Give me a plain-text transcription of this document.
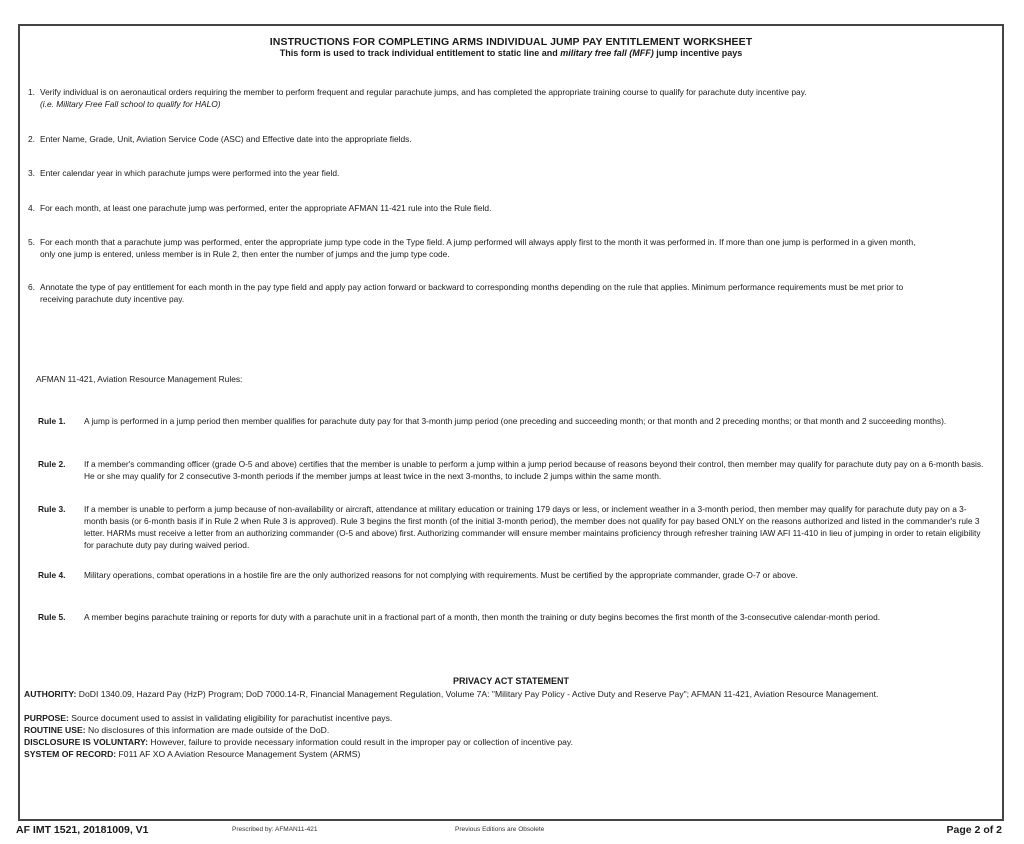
INSTRUCTIONS FOR COMPLETING ARMS INDIVIDUAL JUMP PAY ENTITLEMENT WORKSHEET
This form is used to track individual entitlement to static line and military free fall (MFF) jump incentive pays
1. Verify individual is on aeronautical orders requiring the member to perform frequent and regular parachute jumps, and has completed the appropriate training course to qualify for parachute duty incentive pay.
(i.e. Military Free Fall school to qualify for HALO)
2. Enter Name, Grade, Unit, Aviation Service Code (ASC) and Effective date into the appropriate fields.
3. Enter calendar year in which parachute jumps were performed into the year field.
4. For each month, at least one parachute jump was performed, enter the appropriate AFMAN 11-421 rule into the Rule field.
5. For each month that a parachute jump was performed, enter the appropriate jump type code in the Type field. A jump performed will always apply first to the month it was performed in. If more than one jump is performed in a given month, only one jump is entered, unless member is in Rule 2, then enter the number of jumps and the jump type code.
6. Annotate the type of pay entitlement for each month in the pay type field and apply pay action forward or backward to corresponding months depending on the rule that applies. Minimum performance requirements must be met prior to receiving parachute duty incentive pay.
AFMAN 11-421, Aviation Resource Management Rules:
Rule 1. A jump is performed in a jump period then member qualifies for parachute duty pay for that 3-month jump period (one preceding and succeeding month; or that month and 2 preceding months; or that month and 2 succeeding months).
Rule 2. If a member's commanding officer (grade O-5 and above) certifies that the member is unable to perform a jump within a jump period because of reasons beyond their control, then member may qualify for parachute duty pay on a 6-month basis. He or she may qualify for 2 consecutive 3-month periods if the member jumps at least twice in the next 3-months, to include 2 jumps within the same month.
Rule 3. If a member is unable to perform a jump because of non-availability or aircraft, attendance at military education or training 179 days or less, or inclement weather in a 3-month period, then member may qualify for parachute duty pay on a 3-month basis (or 6-month basis if in Rule 2 when Rule 3 is approved). Rule 3 begins the first month (of the initial 3-month period), the member does not qualify for pay based ONLY on the reasons authorized and listed in the commander's rule 3 letter. HARMs must receive a letter from an authorizing commander (O-5 and above) first. Authorizing commander will ensure member maintains proficiency through refresher training IAW AFI 11-410 in lieu of jumping in order to retain eligibility for parachute duty pay during waived period.
Rule 4. Military operations, combat operations in a hostile fire are the only authorized reasons for not complying with requirements. Must be certified by the appropriate commander, grade O-7 or above.
Rule 5. A member begins parachute training or reports for duty with a parachute unit in a fractional part of a month, then month the training or duty begins becomes the first month of the 3-consecutive calendar-month period.
PRIVACY ACT STATEMENT
AUTHORITY: DoDI 1340.09, Hazard Pay (HzP) Program; DoD 7000.14-R, Financial Management Regulation, Volume 7A: "Military Pay Policy - Active Duty and Reserve Pay"; AFMAN 11-421, Aviation Resource Management.
PURPOSE: Source document used to assist in validating eligibility for parachutist incentive pays.
ROUTINE USE: No disclosures of this information are made outside of the DoD.
DISCLOSURE IS VOLUNTARY: However, failure to provide necessary information could result in the improper pay or collection of incentive pay.
SYSTEM OF RECORD: F011 AF XO A Aviation Resource Management System (ARMS)
AF IMT 1521, 20181009, V1	Prescribed by: AFMAN11-421	Previous Editions are Obsolete	Page 2 of 2
